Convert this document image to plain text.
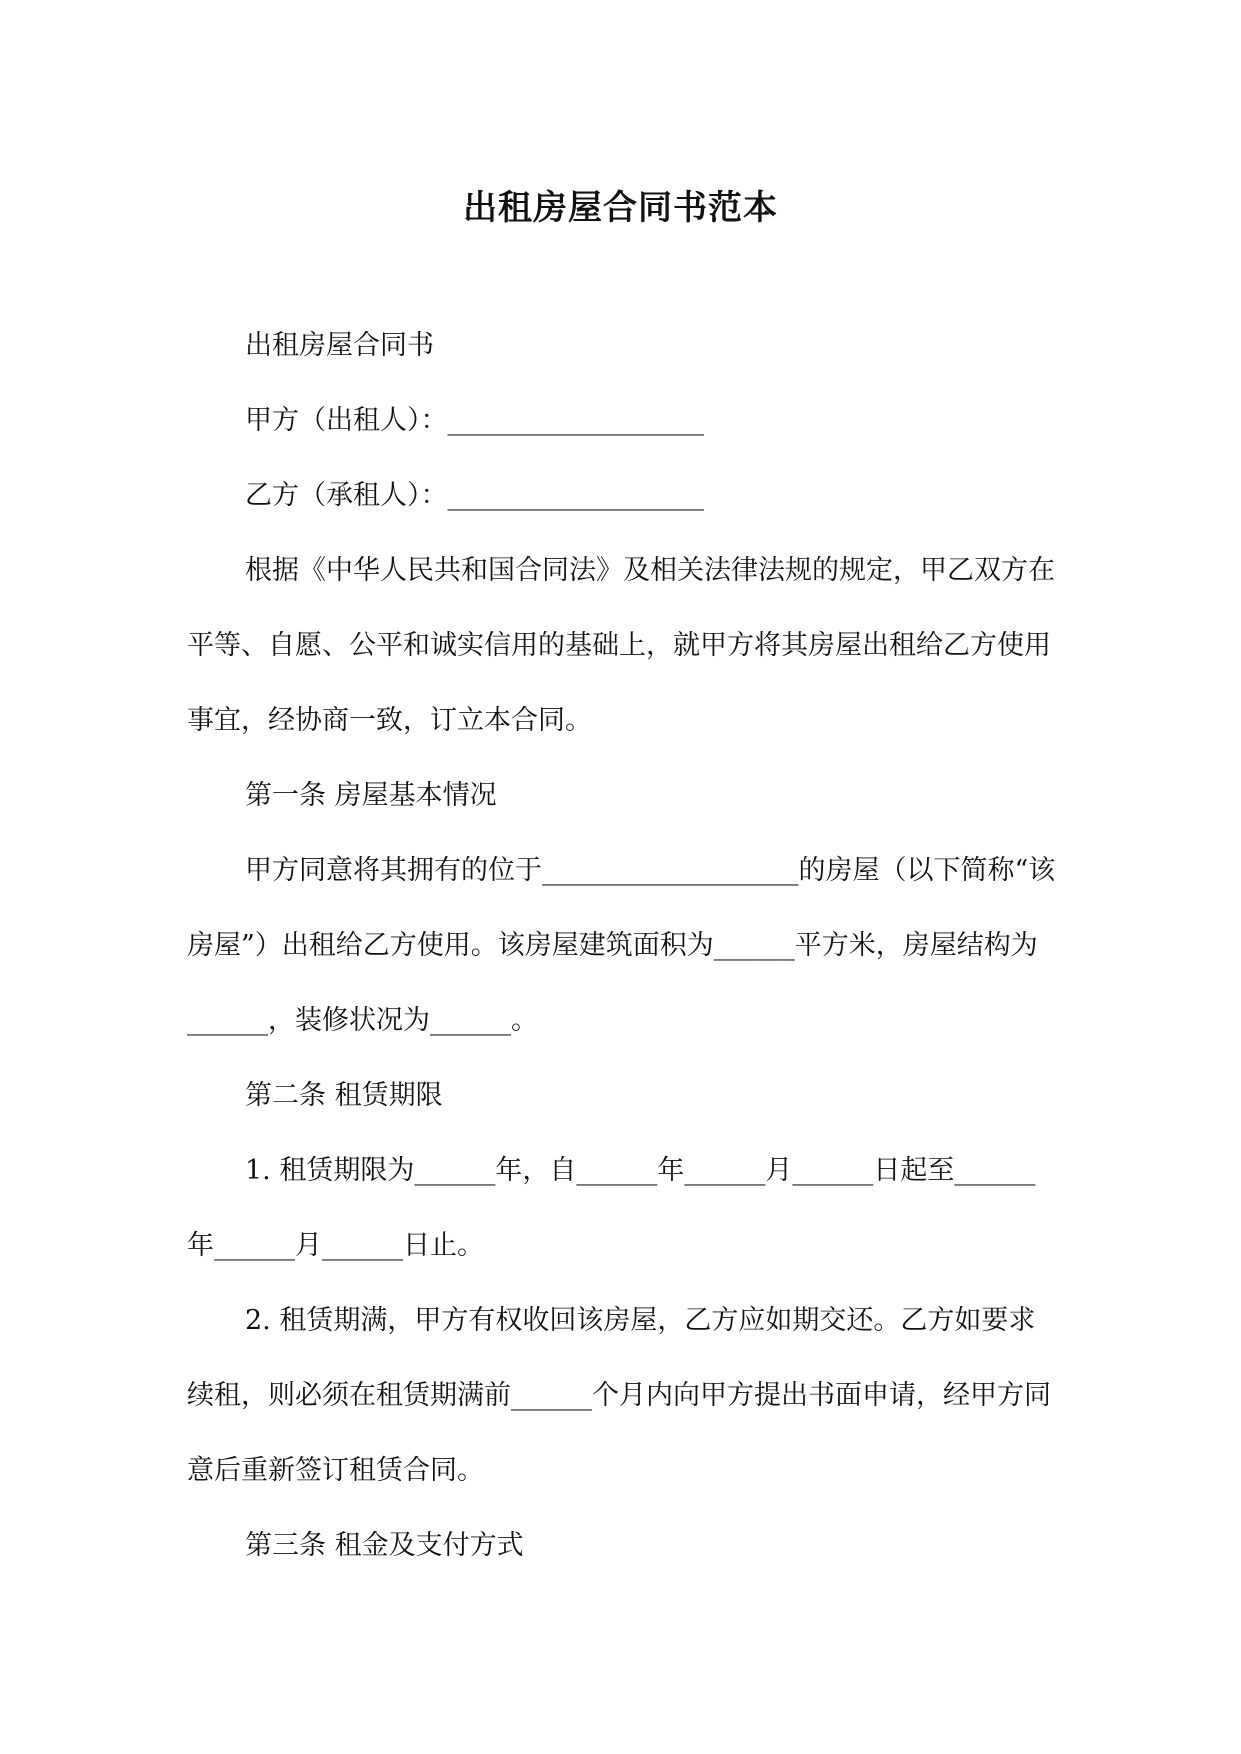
出租房屋合同书范本

出租房屋合同书

甲方（出租人）：___________________

乙方（承租人）：___________________

根据《中华人民共和国合同法》及相关法律法规的规定，甲乙双方在平等、自愿、公平和诚实信用的基础上，就甲方将其房屋出租给乙方使用事宜，经协商一致，订立本合同。

第一条 房屋基本情况

甲方同意将其拥有的位于___________________的房屋（以下简称“该房屋”）出租给乙方使用。该房屋建筑面积为______平方米，房屋结构为______，装修状况为______。

第二条 租赁期限

1. 租赁期限为______年，自______年______月______日起至______年______月______日止。

2. 租赁期满，甲方有权收回该房屋，乙方应如期交还。乙方如要求续租，则必须在租赁期满前______个月内向甲方提出书面申请，经甲方同意后重新签订租赁合同。

第三条 租金及支付方式
